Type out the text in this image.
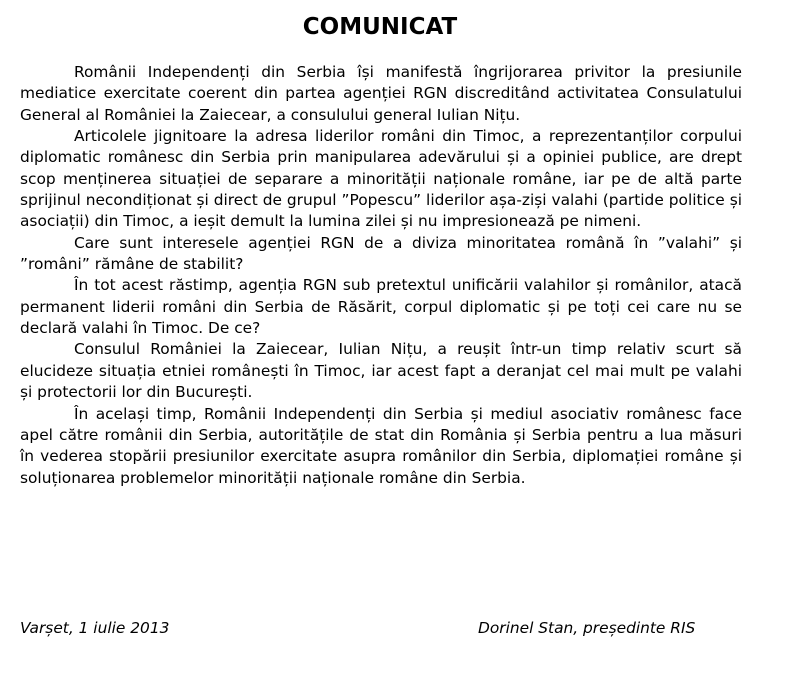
COMUNICAT

Românii Independenți din Serbia își manifestă îngrijorarea privitor la presiunile mediatice exercitate coerent din partea agenției RGN discreditând activitatea Consulatului General al României la Zaiecear, a consulului general Iulian Nițu.

Articolele jignitoare la adresa liderilor români din Timoc, a reprezentanților corpului diplomatic românesc din Serbia prin manipularea adevărului și a opiniei publice, are drept scop menținerea situației de separare a minorității naționale române, iar pe de altă parte sprijinul necondiționat și direct de grupul ”Popescu” liderilor așa-ziși valahi (partide politice și asociații) din Timoc, a ieșit demult la lumina zilei și nu impresionează pe nimeni.

Care sunt interesele agenției RGN de a diviza minoritatea română în ”valahi” și ”români” rămâne de stabilit?

În tot acest răstimp, agenția RGN sub pretextul unificării valahilor și românilor, atacă permanent liderii români din Serbia de Răsărit, corpul diplomatic și pe toți cei care nu se declară valahi în Timoc. De ce?

Consulul României la Zaiecear, Iulian Nițu, a reușit într-un timp relativ scurt să elucideze situația etniei românești în Timoc, iar acest fapt a deranjat cel mai mult pe valahi și protectorii lor din București.

În același timp, Românii Independenți din Serbia și mediul asociativ românesc face apel către românii din Serbia, autoritățile de stat din România și Serbia pentru a lua măsuri în vederea stopării presiunilor exercitate asupra românilor din Serbia, diplomației române și soluționarea problemelor minorității naționale române din Serbia.

Varșet, 1 iulie 2013	Dorinel Stan, președinte RIS
